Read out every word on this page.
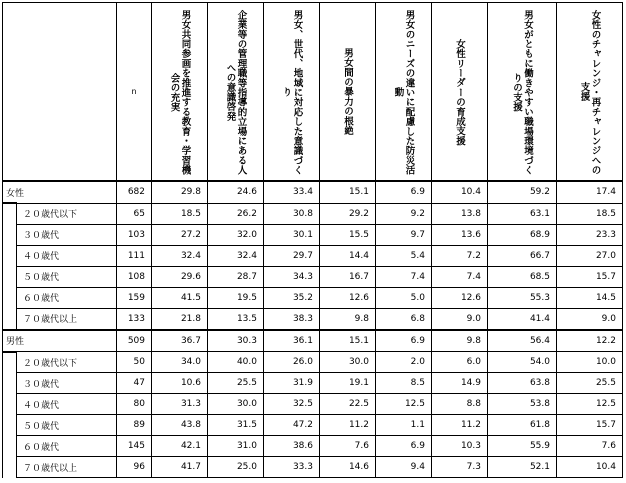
		n	男女共同参画を推進する教育・学習機会の充実	企業等の管理職等指導的立場にある人への意識啓発	男女、世代、地域に対応した意識づくり	男女間の暴力の根絶	男女のニーズの違いに配慮した防災活動	女性リーダーの育成支援	男女がともに働きやすい職場環境づくりの支援	女性のチャレンジ・再チャレンジへの支援

女性		682	29.8	24.6	33.4	15.1	6.9	10.4	59.2	17.4
	２０歳代以下	65	18.5	26.2	30.8	29.2	9.2	13.8	63.1	18.5
	３０歳代	103	27.2	32.0	30.1	15.5	9.7	13.6	68.9	23.3
	４０歳代	111	32.4	32.4	29.7	14.4	5.4	7.2	66.7	27.0
	５０歳代	108	29.6	28.7	34.3	16.7	7.4	7.4	68.5	15.7
	６０歳代	159	41.5	19.5	35.2	12.6	5.0	12.6	55.3	14.5
	７０歳代以上	133	21.8	13.5	38.3	9.8	6.8	9.0	41.4	9.0
男性		509	36.7	30.3	36.1	15.1	6.9	9.8	56.4	12.2
	２０歳代以下	50	34.0	40.0	26.0	30.0	2.0	6.0	54.0	10.0
	３０歳代	47	10.6	25.5	31.9	19.1	8.5	14.9	63.8	25.5
	４０歳代	80	31.3	30.0	32.5	22.5	12.5	8.8	53.8	12.5
	５０歳代	89	43.8	31.5	47.2	11.2	1.1	11.2	61.8	15.7
	６０歳代	145	42.1	31.0	38.6	7.6	6.9	10.3	55.9	7.6
	７０歳代以上	96	41.7	25.0	33.3	14.6	9.4	7.3	52.1	10.4
